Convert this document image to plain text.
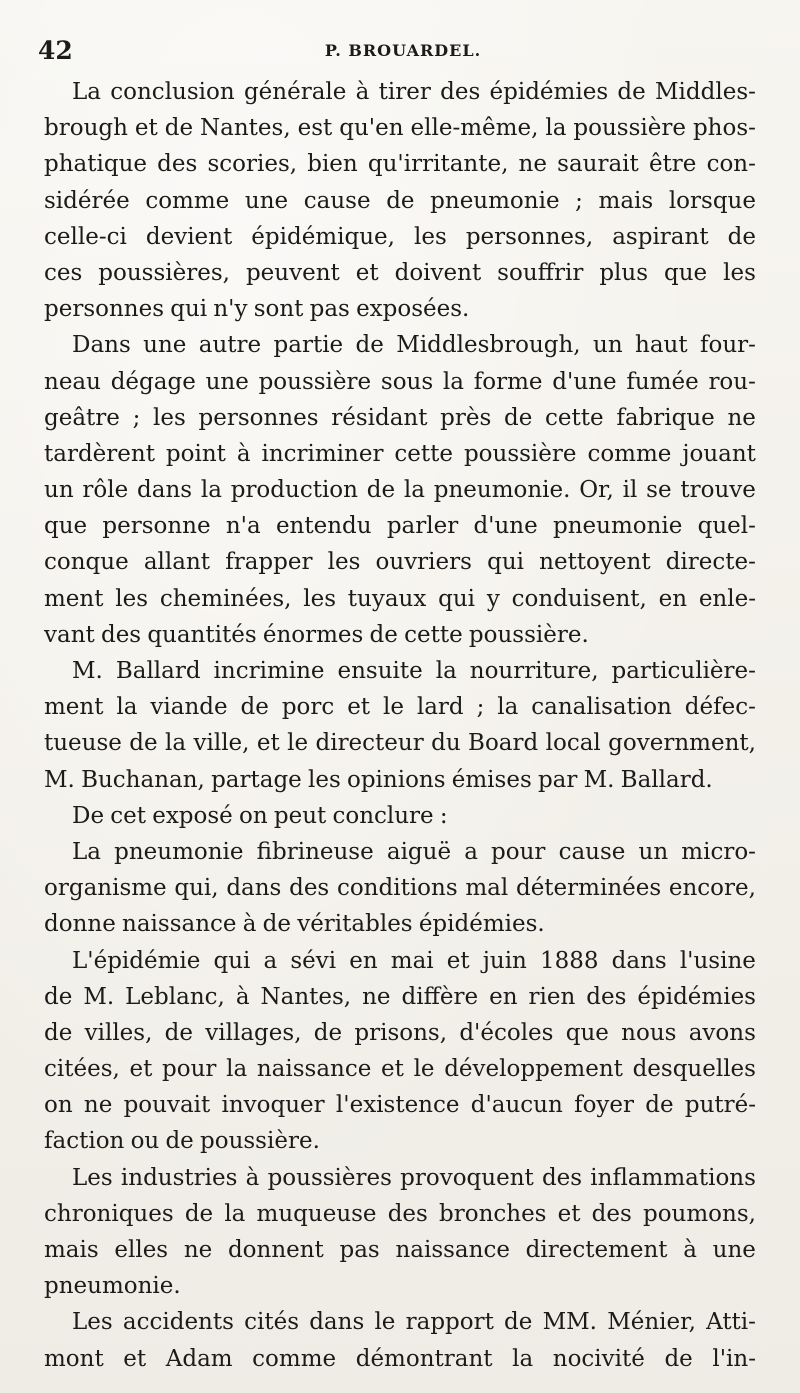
42	P. BROUARDEL.
La conclusion générale à tirer des épidémies de Middles-
brough et de Nantes, est qu'en elle-même, la poussière phos-
phatique des scories, bien qu'irritante, ne saurait être con-
sidérée comme une cause de pneumonie ; mais lorsque
celle-ci devient épidémique, les personnes, aspirant de
ces poussières, peuvent et doivent souffrir plus que les
personnes qui n'y sont pas exposées.
Dans une autre partie de Middlesbrough, un haut four-
neau dégage une poussière sous la forme d'une fumée rou-
geâtre ; les personnes résidant près de cette fabrique ne
tardèrent point à incriminer cette poussière comme jouant
un rôle dans la production de la pneumonie. Or, il se trouve
que personne n'a entendu parler d'une pneumonie quel-
conque allant frapper les ouvriers qui nettoyent directe-
ment les cheminées, les tuyaux qui y conduisent, en enle-
vant des quantités énormes de cette poussière.
M. Ballard incrimine ensuite la nourriture, particulière-
ment la viande de porc et le lard ; la canalisation défec-
tueuse de la ville, et le directeur du Board local government,
M. Buchanan, partage les opinions émises par M. Ballard.
De cet exposé on peut conclure :
La pneumonie fibrineuse aiguë a pour cause un micro-
organisme qui, dans des conditions mal déterminées encore,
donne naissance à de véritables épidémies.
L'épidémie qui a sévi en mai et juin 1888 dans l'usine
de M. Leblanc, à Nantes, ne diffère en rien des épidémies
de villes, de villages, de prisons, d'écoles que nous avons
citées, et pour la naissance et le développement desquelles
on ne pouvait invoquer l'existence d'aucun foyer de putré-
faction ou de poussière.
Les industries à poussières provoquent des inflammations
chroniques de la muqueuse des bronches et des poumons,
mais elles ne donnent pas naissance directement à une
pneumonie.
Les accidents cités dans le rapport de MM. Ménier, Atti-
mont et Adam comme démontrant la nocivité de l'in-
